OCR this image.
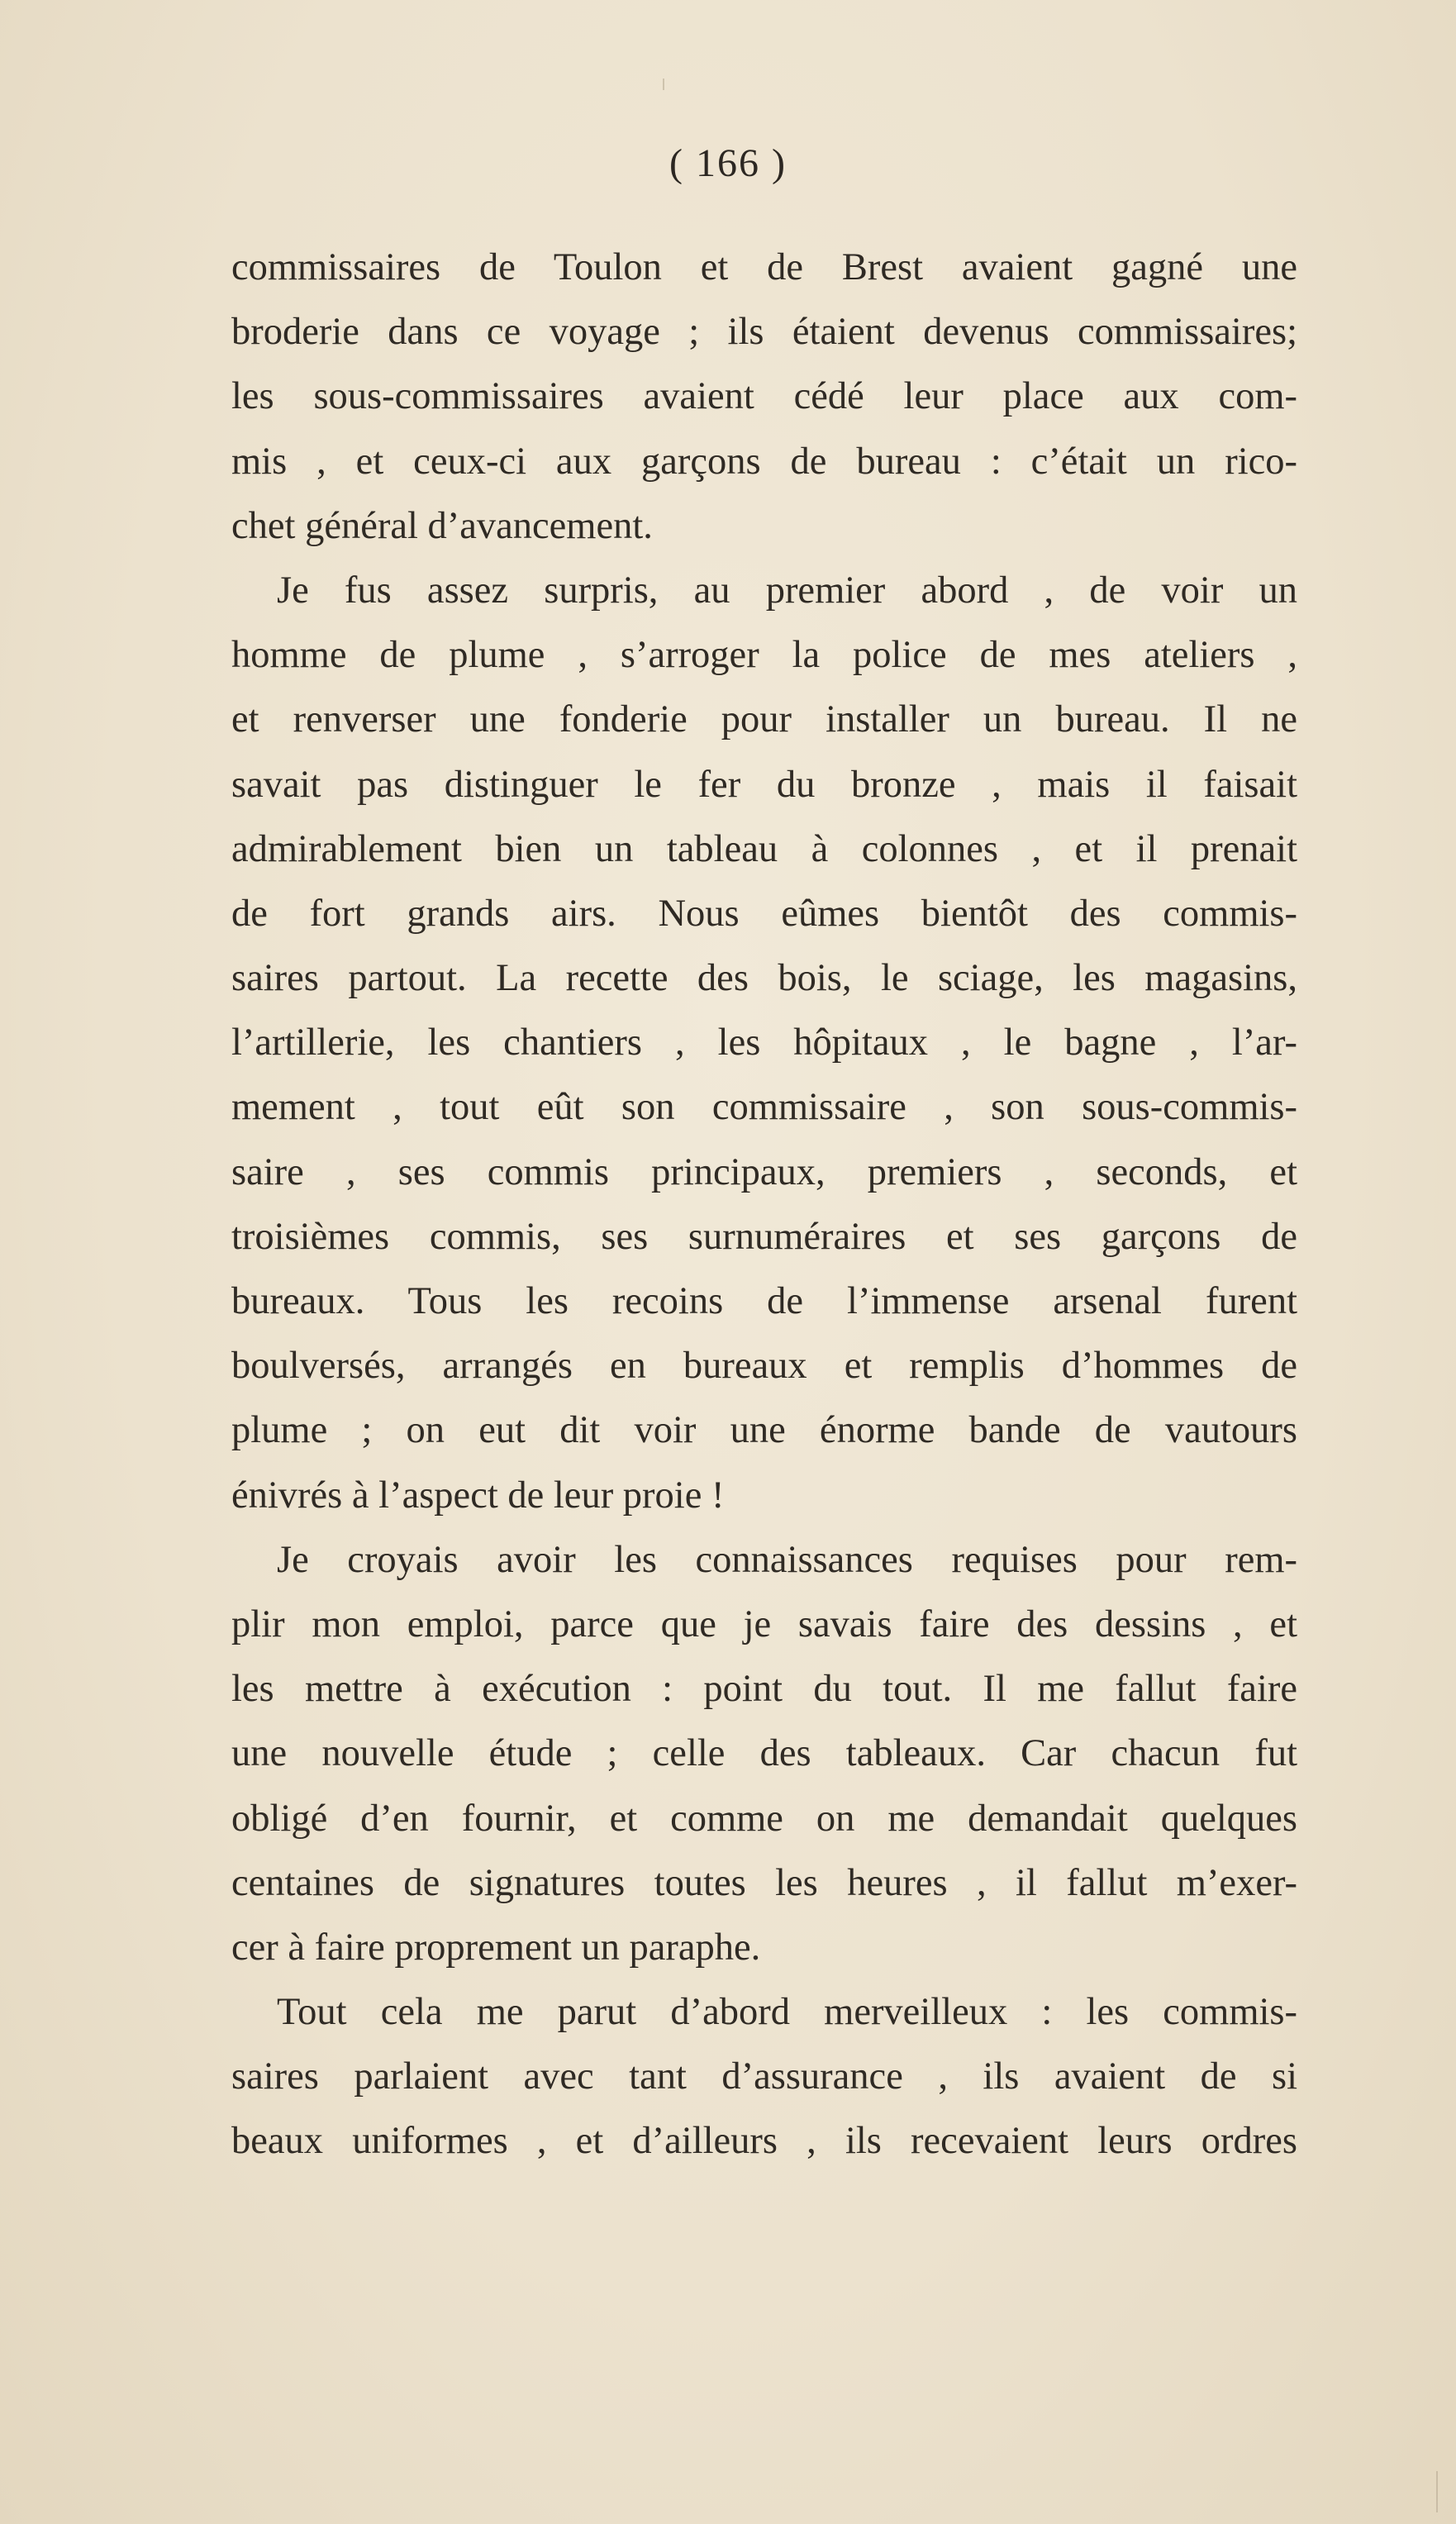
( 166 )
commissaires de Toulon et de Brest avaient gagné une
broderie dans ce voyage ; ils étaient devenus commissaires;
les sous-commissaires avaient cédé leur place aux com-
mis , et ceux-ci aux garçons de bureau : c’était un rico-
chet général d’avancement.
Je fus assez surpris, au premier abord , de voir un
homme de plume , s’arroger la police de mes ateliers ,
et renverser une fonderie pour installer un bureau. Il ne
savait pas distinguer le fer du bronze , mais il faisait
admirablement bien un tableau à colonnes , et il prenait
de fort grands airs. Nous eûmes bientôt des commis-
saires partout. La recette des bois, le sciage, les magasins,
l’artillerie, les chantiers , les hôpitaux , le bagne , l’ar-
mement , tout eût son commissaire , son sous-commis-
saire , ses commis principaux, premiers , seconds, et
troisièmes commis, ses surnuméraires et ses garçons de
bureaux. Tous les recoins de l’immense arsenal furent
boulversés, arrangés en bureaux et remplis d’hommes de
plume ; on eut dit voir une énorme bande de vautours
énivrés à l’aspect de leur proie !
Je croyais avoir les connaissances requises pour rem-
plir mon emploi, parce que je savais faire des dessins , et
les mettre à exécution : point du tout. Il me fallut faire
une nouvelle étude ; celle des tableaux. Car chacun fut
obligé d’en fournir, et comme on me demandait quelques
centaines de signatures toutes les heures , il fallut m’exer-
cer à faire proprement un paraphe.
Tout cela me parut d’abord merveilleux : les commis-
saires parlaient avec tant d’assurance , ils avaient de si
beaux uniformes , et d’ailleurs , ils recevaient leurs ordres
